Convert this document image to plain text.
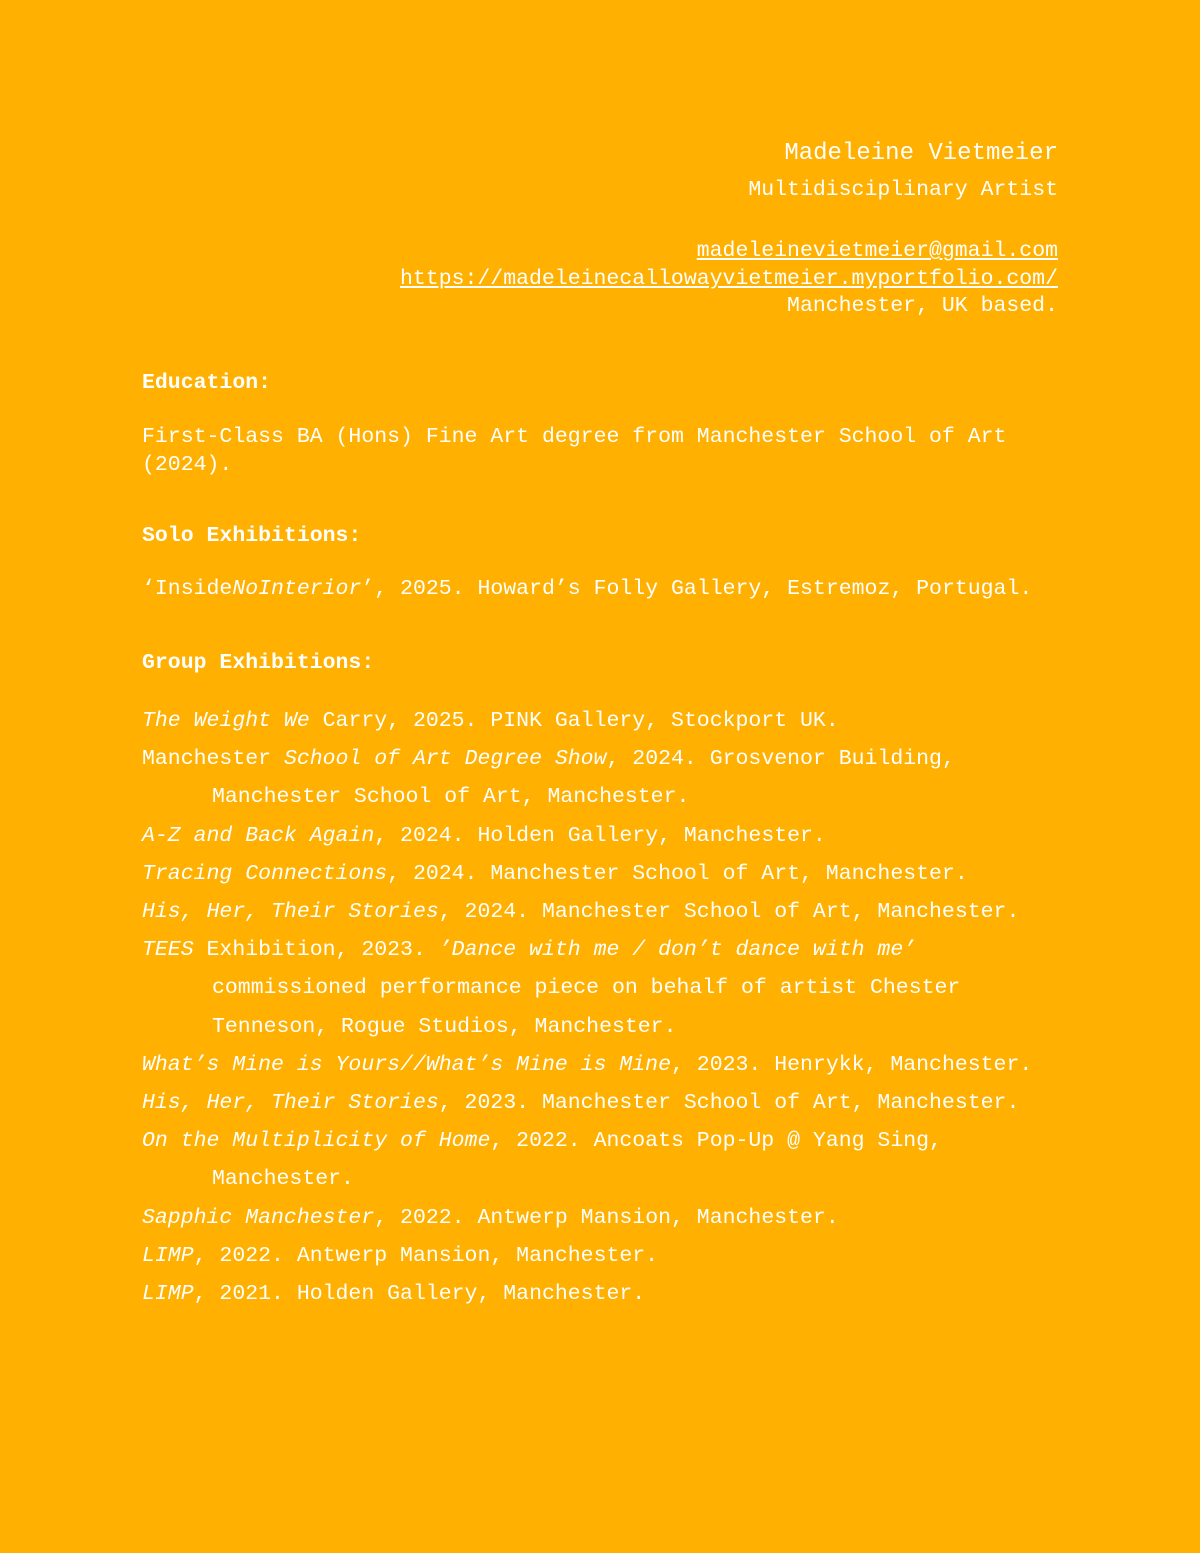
Madeleine Vietmeier
Multidisciplinary Artist
madeleinevietmeier@gmail.com
https://madeleinecallowayvietmeier.myportfolio.com/
Manchester, UK based.
Education:
First-Class BA (Hons) Fine Art degree from Manchester School of Art (2024).
Solo Exhibitions:
‘InsideNoInterior’, 2025. Howard’s Folly Gallery, Estremoz, Portugal.
Group Exhibitions:
The Weight We Carry, 2025. PINK Gallery, Stockport UK.
Manchester School of Art Degree Show, 2024. Grosvenor Building, Manchester School of Art, Manchester.
A-Z and Back Again, 2024. Holden Gallery, Manchester.
Tracing Connections, 2024. Manchester School of Art, Manchester.
His, Her, Their Stories, 2024. Manchester School of Art, Manchester.
TEES Exhibition, 2023. ’Dance with me / don’t dance with me’ commissioned performance piece on behalf of artist Chester Tenneson, Rogue Studios, Manchester.
What’s Mine is Yours//What’s Mine is Mine, 2023. Henrykk, Manchester.
His, Her, Their Stories, 2023. Manchester School of Art, Manchester.
On the Multiplicity of Home, 2022. Ancoats Pop-Up @ Yang Sing, Manchester.
Sapphic Manchester, 2022. Antwerp Mansion, Manchester.
LIMP, 2022. Antwerp Mansion, Manchester.
LIMP, 2021. Holden Gallery, Manchester.
